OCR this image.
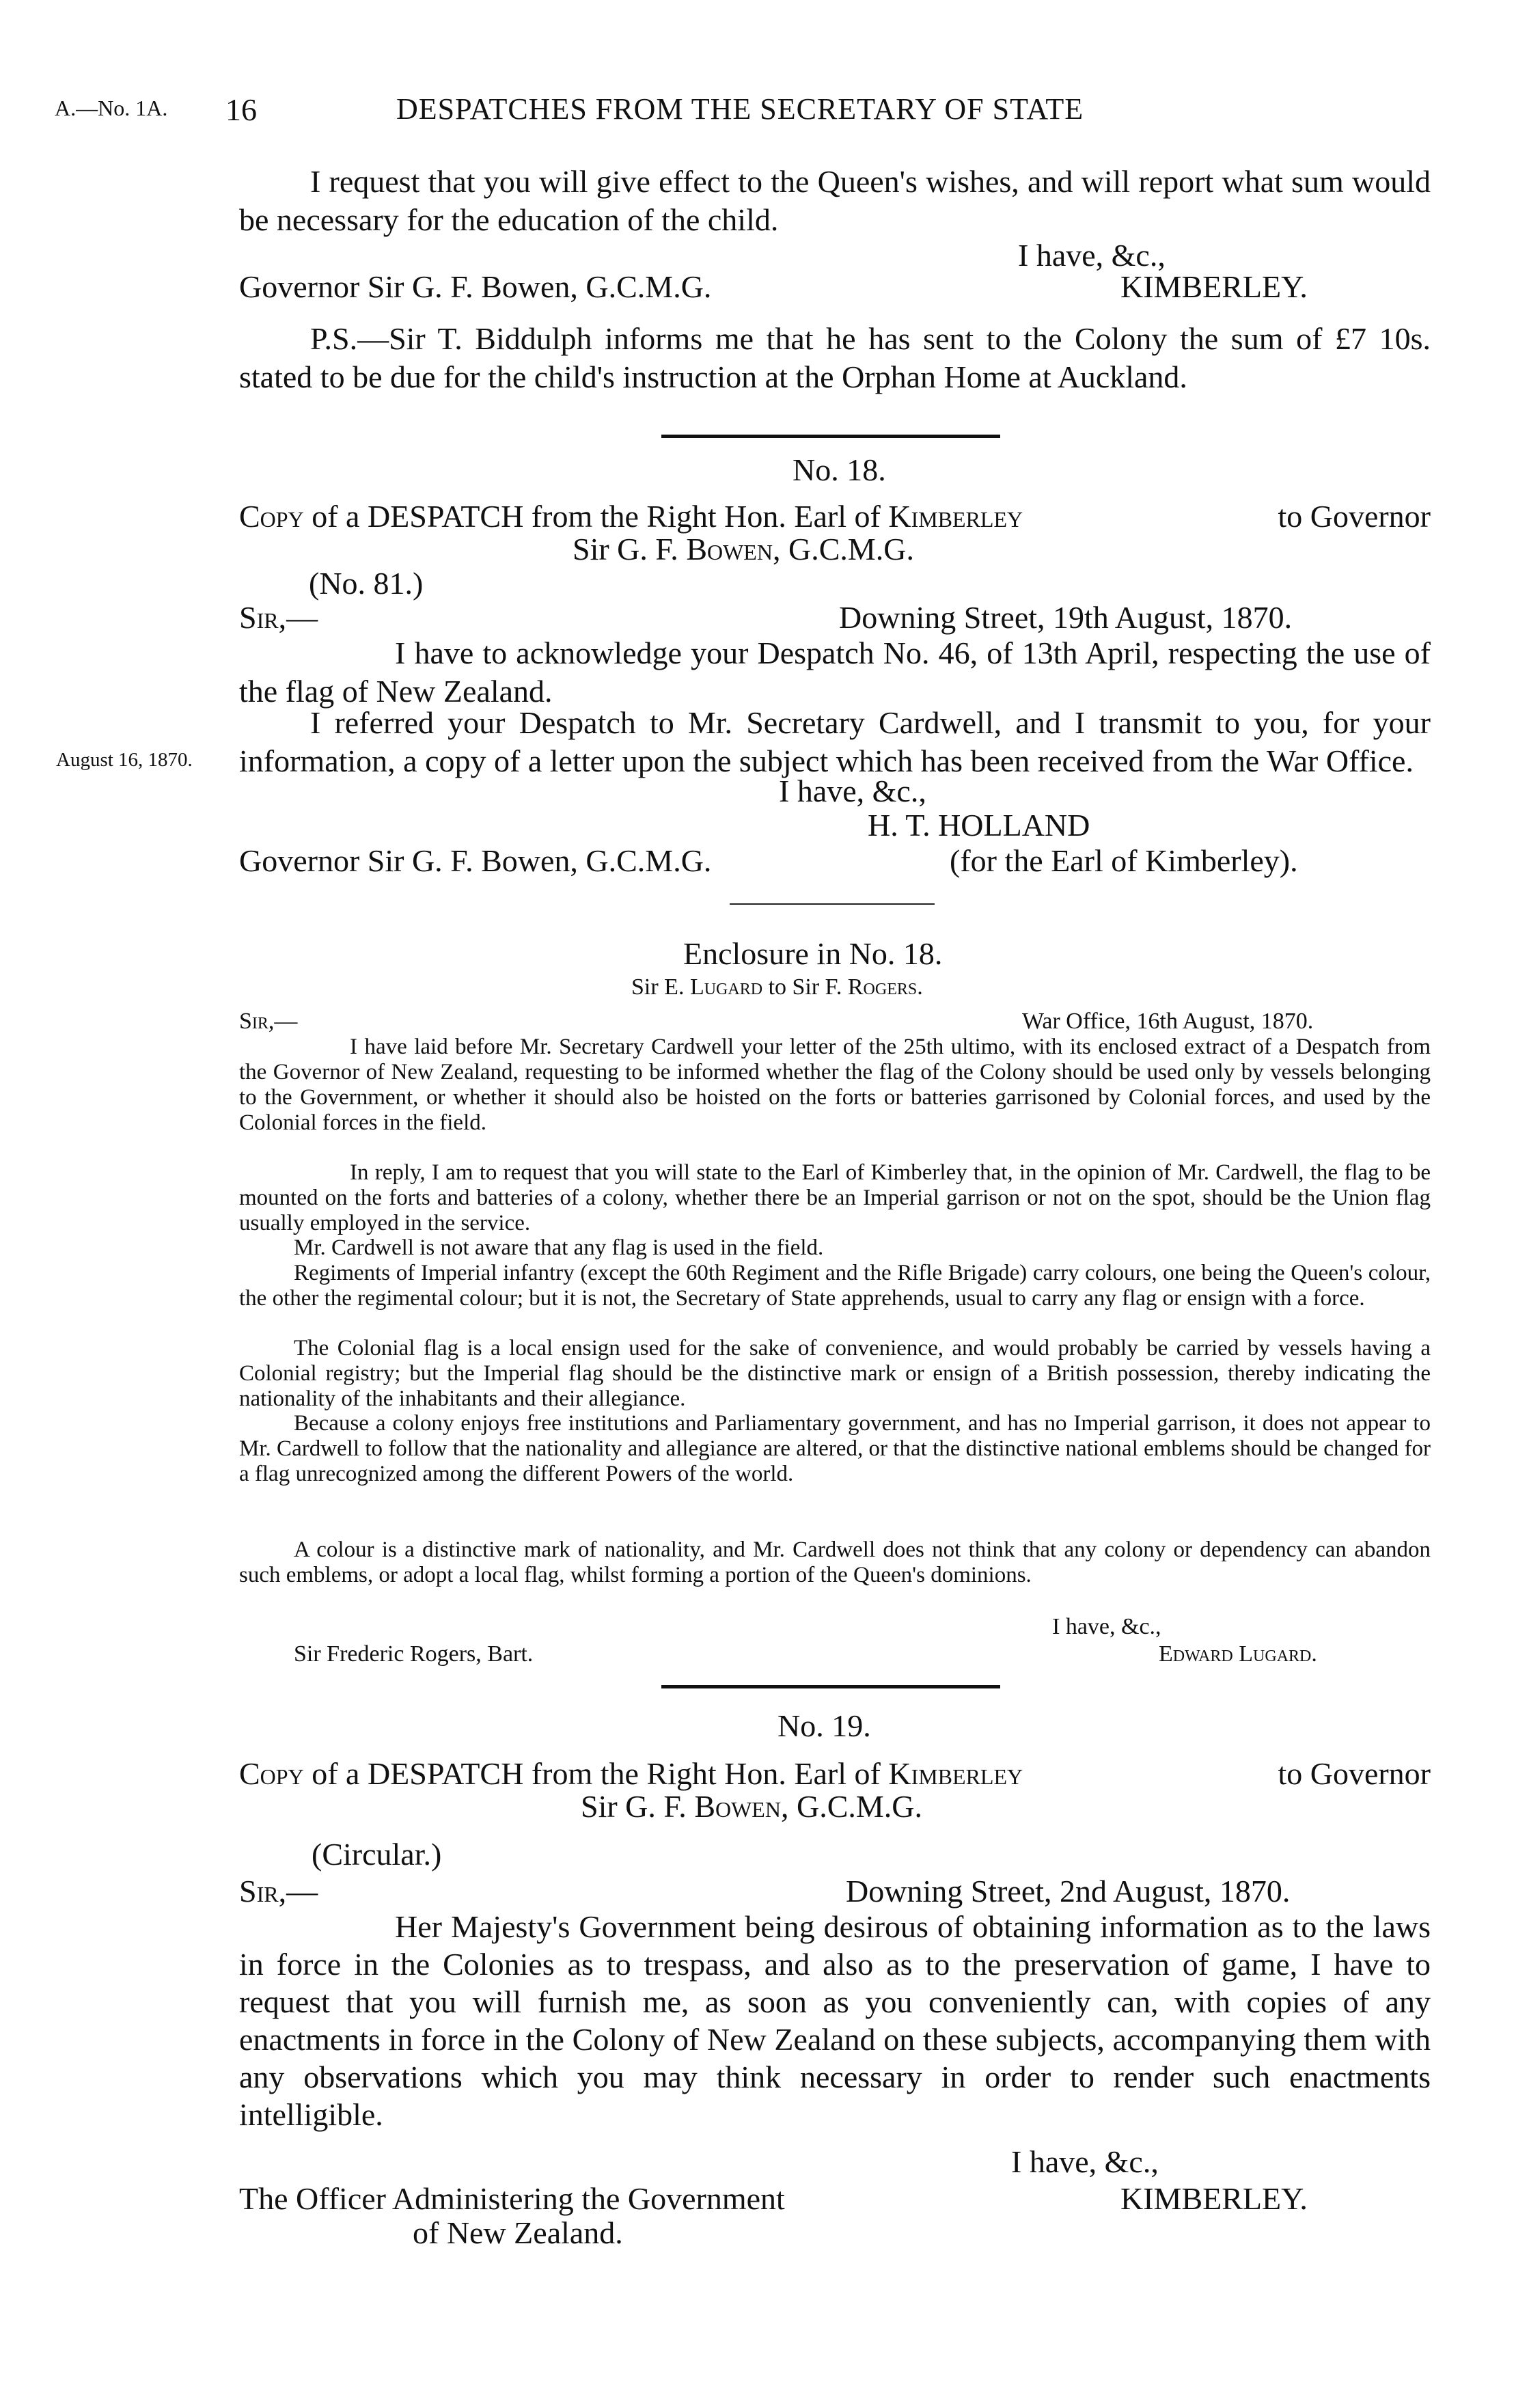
A.—No. 1A. 16	DESPATCHES FROM THE SECRETARY OF STATE
I request that you will give effect to the Queen's wishes, and will report what sum would be necessary for the education of the child.
I have, &c.,
Governor Sir G. F. Bowen, G.C.M.G.	KIMBERLEY.
P.S.—Sir T. Biddulph informs me that he has sent to the Colony the sum of £7 10s. stated to be due for the child's instruction at the Orphan Home at Auckland.
No. 18.
Copy of a DESPATCH from the Right Hon. Earl of Kimberley	to Governor
Sir G. F. Bowen, G.C.M.G.
(No. 81.)
Sir,—	Downing Street, 19th August, 1870.
I have to acknowledge your Despatch No. 46, of 13th April, respecting the use of the flag of New Zealand.
I referred your Despatch to Mr. Secretary Cardwell, and I transmit to you, for your information, a copy of a letter upon the subject which has been received from the War Office.
August 16, 1870.
I have, &c.,
H. T. HOLLAND
Governor Sir G. F. Bowen, G.C.M.G.	(for the Earl of Kimberley).
Enclosure in No. 18.
Sir E. Lugard to Sir F. Rogers.
Sir,—	War Office, 16th August, 1870.
I have laid before Mr. Secretary Cardwell your letter of the 25th ultimo, with its enclosed extract of a Despatch from the Governor of New Zealand, requesting to be informed whether the flag of the Colony should be used only by vessels belonging to the Government, or whether it should also be hoisted on the forts or batteries garrisoned by Colonial forces, and used by the Colonial forces in the field.
In reply, I am to request that you will state to the Earl of Kimberley that, in the opinion of Mr. Cardwell, the flag to be mounted on the forts and batteries of a colony, whether there be an Imperial garrison or not on the spot, should be the Union flag usually employed in the service.
Mr. Cardwell is not aware that any flag is used in the field.
Regiments of Imperial infantry (except the 60th Regiment and the Rifle Brigade) carry colours, one being the Queen's colour, the other the regimental colour; but it is not, the Secretary of State apprehends, usual to carry any flag or ensign with a force.
The Colonial flag is a local ensign used for the sake of convenience, and would probably be carried by vessels having a Colonial registry; but the Imperial flag should be the distinctive mark or ensign of a British possession, thereby indicating the nationality of the inhabitants and their allegiance.
Because a colony enjoys free institutions and Parliamentary government, and has no Imperial garrison, it does not appear to Mr. Cardwell to follow that the nationality and allegiance are altered, or that the distinctive national emblems should be changed for a flag unrecognized among the different Powers of the world.
A colour is a distinctive mark of nationality, and Mr. Cardwell does not think that any colony or dependency can abandon such emblems, or adopt a local flag, whilst forming a portion of the Queen's dominions.
I have, &c.,
Sir Frederic Rogers, Bart.	Edward Lugard.
No. 19.
Copy of a DESPATCH from the Right Hon. Earl of Kimberley	to Governor
Sir G. F. Bowen, G.C.M.G.
(Circular.)
Sir,—	Downing Street, 2nd August, 1870.
Her Majesty's Government being desirous of obtaining information as to the laws in force in the Colonies as to trespass, and also as to the preservation of game, I have to request that you will furnish me, as soon as you conveniently can, with copies of any enactments in force in the Colony of New Zealand on these subjects, accompanying them with any observations which you may think necessary in order to render such enactments intelligible.
I have, &c.,
The Officer Administering the Government	KIMBERLEY.
of New Zealand.
